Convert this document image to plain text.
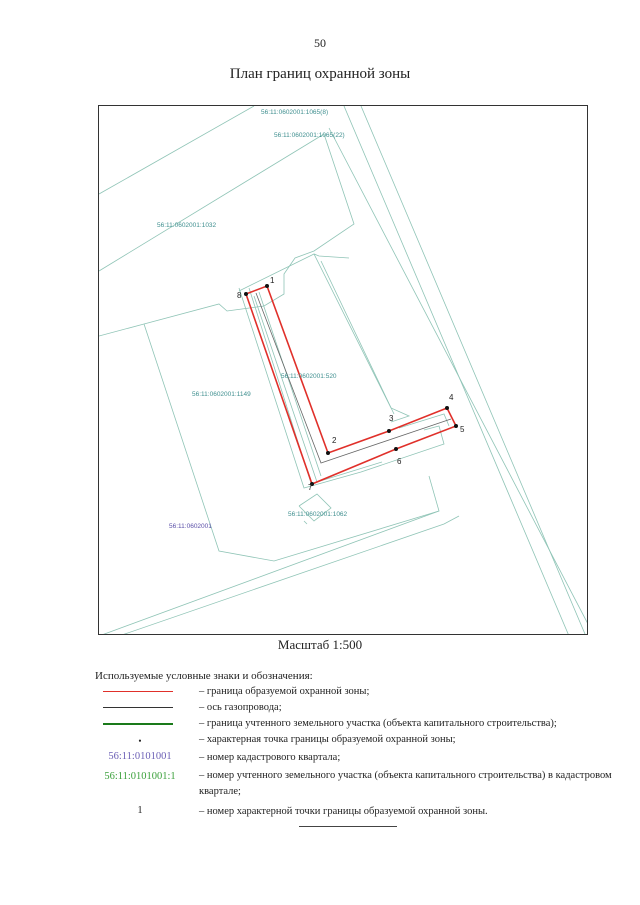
50
План границ охранной зоны
1
2
3
4
5
6
7
8
56:11:0602001:1065(8)
56:11:0602001:1065(22)
56:11:0602001:1032
56:11:0602001:520
56:11:0602001:1149
56:11:0602001:1062
56:11:0602001
Масштаб 1:500
Используемые условные знаки и обозначения:
– граница образуемой охранной зоны;
– ось газопровода;
– граница учтенного земельного участка (объекта капитального строительства);
•	– характерная точка границы образуемой охранной зоны;
56:11:0101001	– номер кадастрового квартала;
56:11:0101001:1	– номер учтенного земельного участка (объекта капитального строительства) в кадастровом квартале;
1	– номер характерной точки границы образуемой охранной зоны.
